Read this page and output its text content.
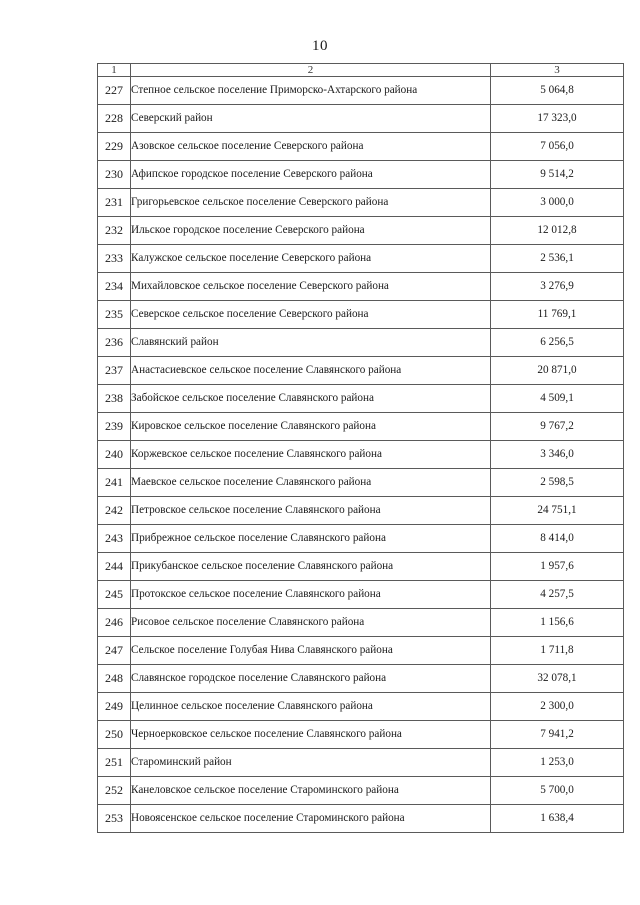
10
1	2	3
227	Степное сельское поселение Приморско-Ахтарского района	5 064,8
228	Северский район	17 323,0
229	Азовское сельское поселение Северского района	7 056,0
230	Афипское городское поселение Северского района	9 514,2
231	Григорьевское сельское поселение Северского района	3 000,0
232	Ильское городское поселение Северского района	12 012,8
233	Калужское сельское поселение Северского района	2 536,1
234	Михайловское сельское поселение Северского района	3 276,9
235	Северское сельское поселение Северского района	11 769,1
236	Славянский район	6 256,5
237	Анастасиевское сельское поселение Славянского района	20 871,0
238	Забойское сельское поселение Славянского района	4 509,1
239	Кировское сельское поселение Славянского района	9 767,2
240	Коржевское сельское поселение Славянского района	3 346,0
241	Маевское сельское поселение Славянского района	2 598,5
242	Петровское сельское поселение Славянского района	24 751,1
243	Прибрежное сельское поселение Славянского района	8 414,0
244	Прикубанское сельское поселение Славянского района	1 957,6
245	Протокское сельское поселение Славянского района	4 257,5
246	Рисовое сельское поселение Славянского района	1 156,6
247	Сельское поселение Голубая Нива Славянского района	1 711,8
248	Славянское городское поселение Славянского района	32 078,1
249	Целинное сельское поселение Славянского района	2 300,0
250	Черноерковское сельское поселение Славянского района	7 941,2
251	Староминский район	1 253,0
252	Канеловское сельское поселение Староминского района	5 700,0
253	Новоясенское сельское поселение Староминского района	1 638,4
